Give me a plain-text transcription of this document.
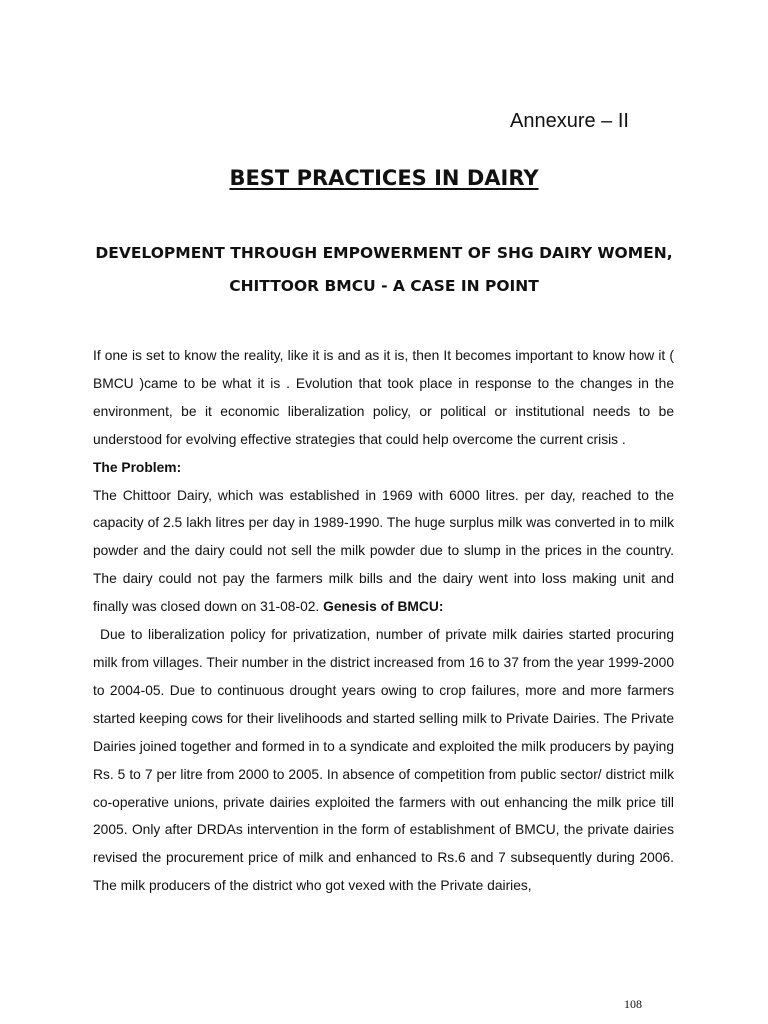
Annexure – II
BEST PRACTICES IN DAIRY
DEVELOPMENT THROUGH EMPOWERMENT OF SHG DAIRY WOMEN,
CHITTOOR BMCU - A CASE IN POINT

If one is set to know the reality, like it is and as it is, then It becomes important to know how it ( BMCU )came to be what it is . Evolution that took place in response to the changes in the environment, be it economic liberalization policy, or political or institutional needs to be understood for evolving effective strategies that could help overcome the current crisis .

The Problem:

The Chittoor Dairy, which was established in 1969 with 6000 litres. per day, reached to the capacity of 2.5 lakh litres per day in 1989-1990. The huge surplus milk was converted in to milk powder and the dairy could not sell the milk powder due to slump in the prices in the country. The dairy could not pay the farmers milk bills and the dairy went into loss making unit and finally was closed down on 31-08-02. Genesis of BMCU:

Due to liberalization policy for privatization, number of private milk dairies started procuring milk from villages. Their number in the district increased from 16 to 37 from the year 1999-2000 to 2004-05. Due to continuous drought years owing to crop failures, more and more farmers started keeping cows for their livelihoods and started selling milk to Private Dairies. The Private Dairies joined together and formed in to a syndicate and exploited the milk producers by paying Rs. 5 to 7 per litre from 2000 to 2005. In absence of competition from public sector/ district milk co-operative unions, private dairies exploited the farmers with out enhancing the milk price till 2005. Only after DRDAs intervention in the form of establishment of BMCU, the private dairies revised the procurement price of milk and enhanced to Rs.6 and 7 subsequently during 2006. The milk producers of the district who got vexed with the Private dairies,

108
